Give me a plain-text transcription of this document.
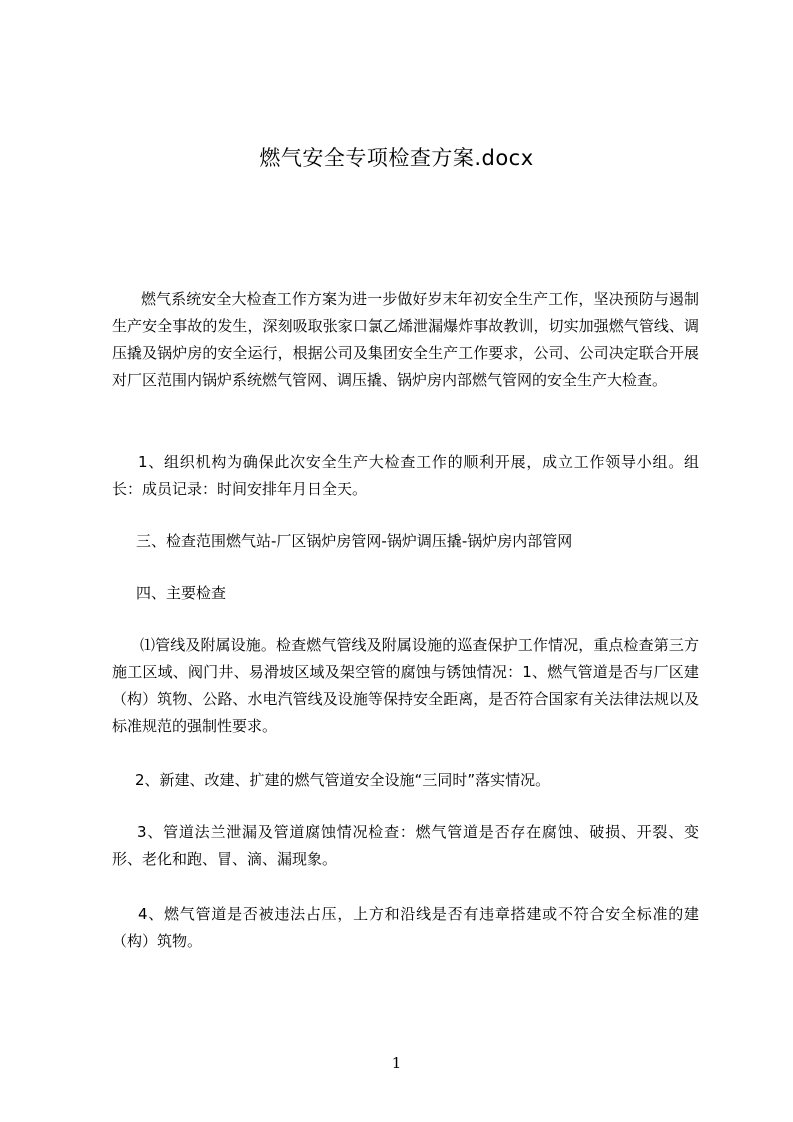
燃气安全专项检查方案.docx

燃气系统安全大检查工作方案为进一步做好岁末年初安全生产工作，坚决预防与遏制生产安全事故的发生，深刻吸取张家口氯乙烯泄漏爆炸事故教训，切实加强燃气管线、调压撬及锅炉房的安全运行，根据公司及集团安全生产工作要求，公司、公司决定联合开展对厂区范围内锅炉系统燃气管网、调压撬、锅炉房内部燃气管网的安全生产大检查。

1、组织机构为确保此次安全生产大检查工作的顺利开展，成立工作领导小组。组长：成员记录：时间安排年月日全天。

三、检查范围燃气站-厂区锅炉房管网-锅炉调压撬-锅炉房内部管网

四、主要检查

⑴管线及附属设施。检查燃气管线及附属设施的巡查保护工作情况，重点检查第三方施工区域、阀门井、易滑坡区域及架空管的腐蚀与锈蚀情况：1、燃气管道是否与厂区建（构）筑物、公路、水电汽管线及设施等保持安全距离，是否符合国家有关法律法规以及标准规范的强制性要求。

2、新建、改建、扩建的燃气管道安全设施“三同时”落实情况。

3、管道法兰泄漏及管道腐蚀情况检查：燃气管道是否存在腐蚀、破损、开裂、变形、老化和跑、冒、滴、漏现象。

4、燃气管道是否被违法占压，上方和沿线是否有违章搭建或不符合安全标准的建（构）筑物。

1
